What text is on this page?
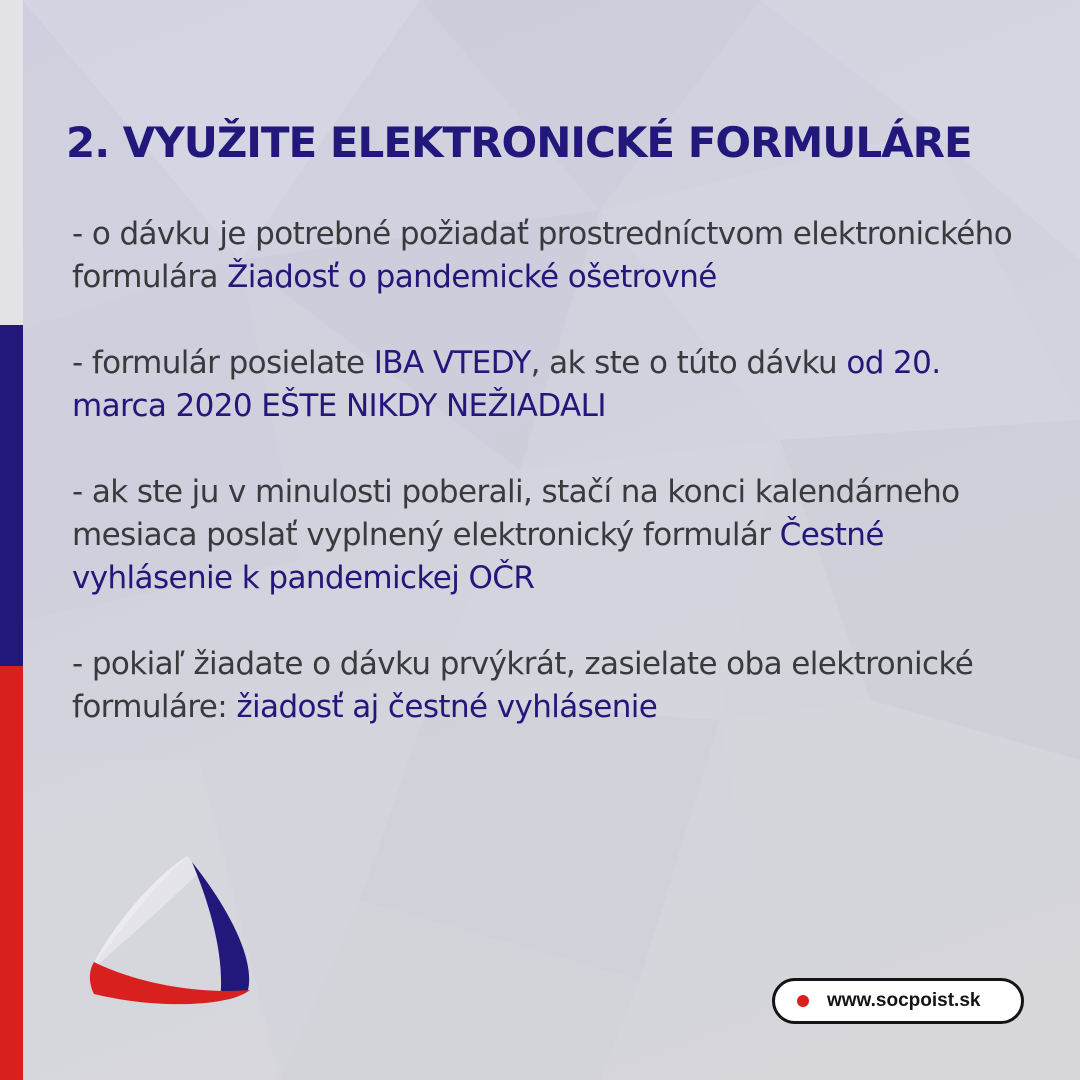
2. VYUŽITE ELEKTRONICKÉ FORMULÁRE

- o dávku je potrebné požiadať prostredníctvom elektronického formulára Žiadosť o pandemické ošetrovné

- formulár posielate IBA VTEDY, ak ste o túto dávku od 20. marca 2020 EŠTE NIKDY NEŽIADALI

- ak ste ju v minulosti poberali, stačí na konci kalendárneho mesiaca poslať vyplnený elektronický formulár Čestné vyhlásenie k pandemickej OČR

- pokiaľ žiadate o dávku prvýkrát, zasielate oba elektronické formuláre: žiadosť aj čestné vyhlásenie

www.socpoist.sk
